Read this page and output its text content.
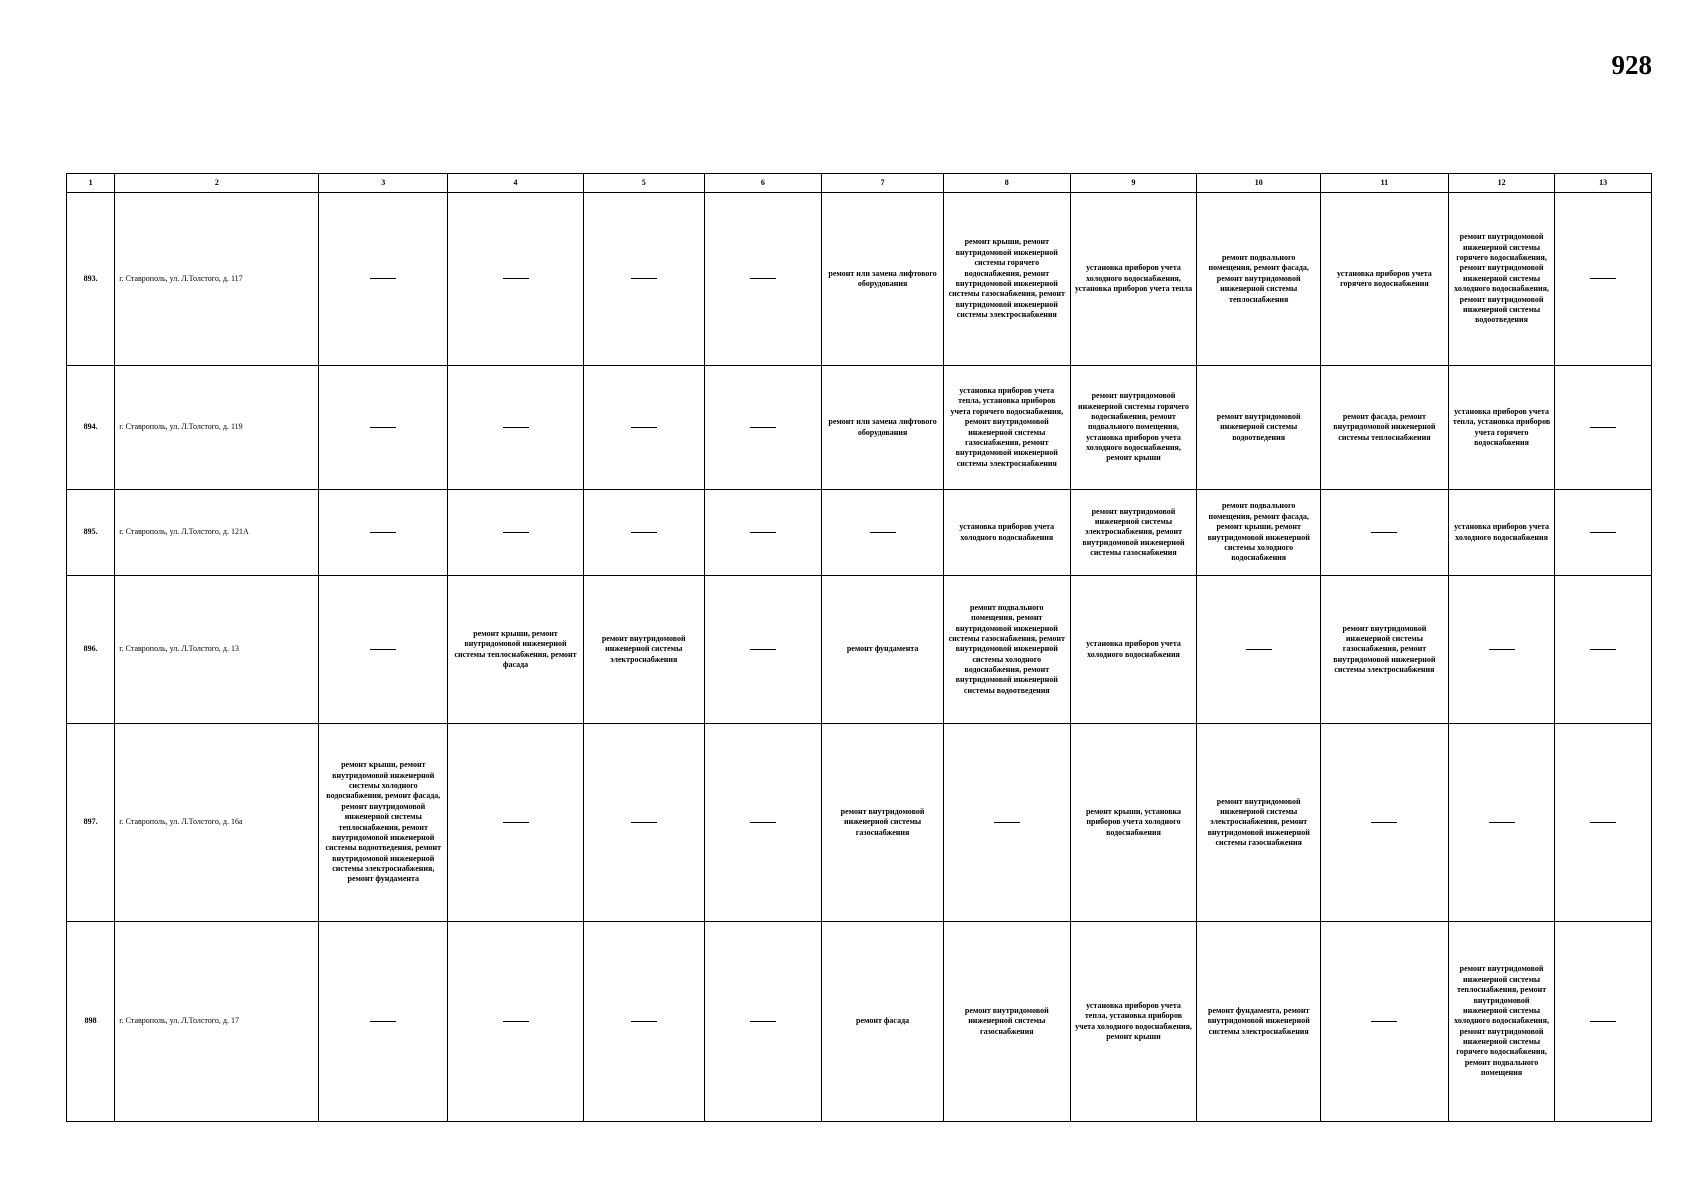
928
1	2	3	4	5	6	7	8	9	10	11	12	13
893.	г. Ставрополь, ул. Л.Толстого, д. 117					ремонт или замена лифтового оборудования	ремонт крыши, ремонт внутридомовой инженерной системы горячего водоснабжения, ремонт внутридомовой инженерной системы газоснабжения, ремонт внутридомовой инженерной системы электроснабжения	установка приборов учета холодного водоснабжения, установка приборов учета тепла	ремонт подвального помещения, ремонт фасада, ремонт внутридомовой инженерной системы теплоснабжения	установка приборов учета горячего водоснабжения	ремонт внутридомовой инженерной системы горячего водоснабжения, ремонт внутридомовой инженерной системы холодного водоснабжения, ремонт внутридомовой инженерной системы водоотведения	
894.	г. Ставрополь, ул. Л.Толстого, д. 119					ремонт или замена лифтового оборудования	установка приборов учета тепла, установка приборов учета горячего водоснабжения, ремонт внутридомовой инженерной системы газоснабжения, ремонт внутридомовой инженерной системы электроснабжения	ремонт внутридомовой инженерной системы горячего водоснабжения, ремонт подвального помещения, установка приборов учета холодного водоснабжения, ремонт крыши	ремонт внутридомовой инженерной системы водоотведения	ремонт фасада, ремонт внутридомовой инженерной системы теплоснабжения	установка приборов учета тепла, установка приборов учета горячего водоснабжения	
895.	г. Ставрополь, ул. Л.Толстого, д. 121А						установка приборов учета холодного водоснабжения	ремонт внутридомовой инженерной системы электроснабжения, ремонт внутридомовой инженерной системы газоснабжения	ремонт подвального помещения, ремонт фасада, ремонт крыши, ремонт внутридомовой инженерной системы холодного водоснабжения		установка приборов учета холодного водоснабжения	
896.	г. Ставрополь, ул. Л.Толстого, д. 13		ремонт крыши, ремонт внутридомовой инженерной системы теплоснабжения, ремонт фасада	ремонт внутридомовой инженерной системы электроснабжения		ремонт фундамента	ремонт подвального помещения, ремонт внутридомовой инженерной системы газоснабжения, ремонт внутридомовой инженерной системы холодного водоснабжения, ремонт внутридомовой инженерной системы водоотведения	установка приборов учета холодного водоснабжения		ремонт внутридомовой инженерной системы газоснабжения, ремонт внутридомовой инженерной системы электроснабжения		
897.	г. Ставрополь, ул. Л.Толстого, д. 16а	ремонт крыши, ремонт внутридомовой инженерной системы холодного водоснабжения, ремонт фасада, ремонт внутридомовой инженерной системы теплоснабжения, ремонт внутридомовой инженерной системы водоотведения, ремонт внутридомовой инженерной системы электроснабжения, ремонт фундамента				ремонт внутридомовой инженерной системы газоснабжения		ремонт крыши, установка приборов учета холодного водоснабжения	ремонт внутридомовой инженерной системы электроснабжения, ремонт внутридомовой инженерной системы газоснабжения			
898	г. Ставрополь, ул. Л.Толстого, д. 17					ремонт фасада	ремонт внутридомовой инженерной системы газоснабжения	установка приборов учета тепла, установка приборов учета холодного водоснабжения, ремонт крыши	ремонт фундамента, ремонт внутридомовой инженерной системы электроснабжения		ремонт внутридомовой инженерной системы теплоснабжения, ремонт внутридомовой инженерной системы холодного водоснабжения, ремонт внутридомовой инженерной системы горячего водоснабжения, ремонт подвального помещения	
